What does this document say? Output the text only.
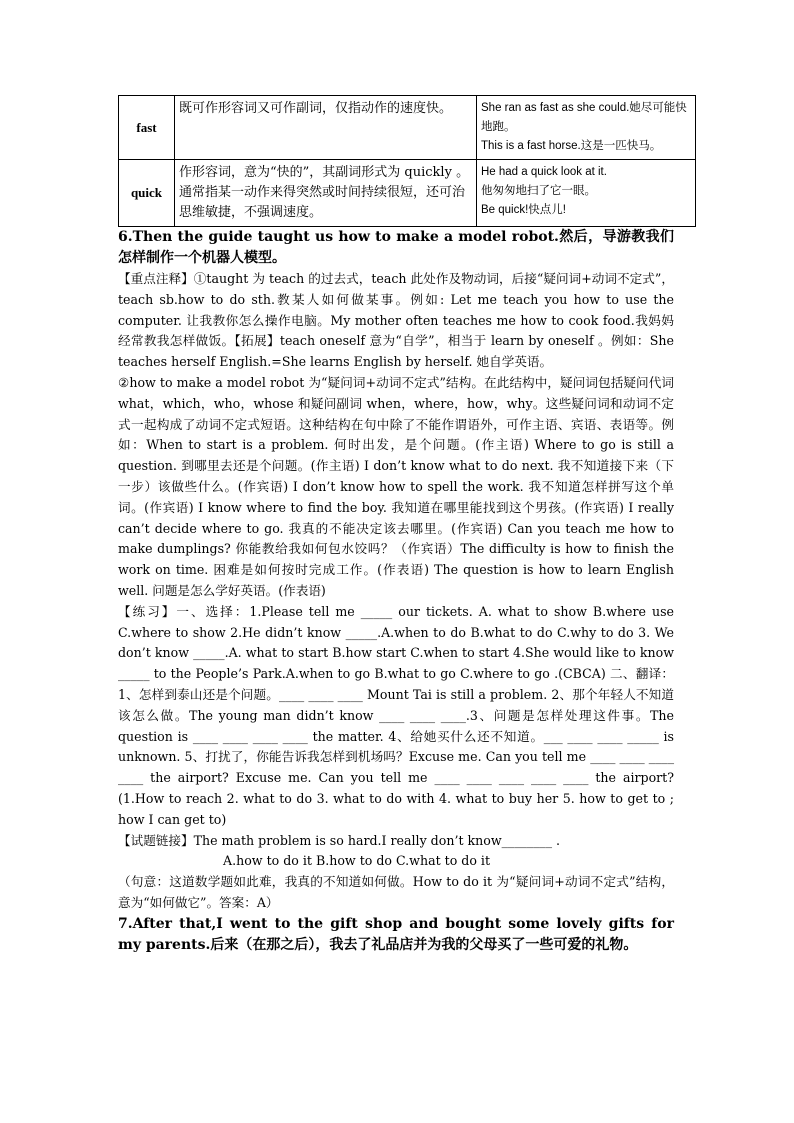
fast	既可作形容词又可作副词，仅指动作的速度快。	She ran as fast as she could.她尽可能快地跑。
This is a fast horse.这是一匹快马。

quick	作形容词，意为“快的”，其副词形式为 quickly 。通常指某一动作来得突然或时间持续很短，还可治思维敏捷，不强调速度。	He had a quick look at it.
他匆匆地扫了它一眼。
Be quick!快点儿!

6.Then the guide taught us how to make a model robot.然后，导游教我们怎样制作一个机器人模型。

【重点注释】①taught 为 teach 的过去式，teach 此处作及物动词，后接“疑问词+动词不定式”，teach sb.how to do sth.教某人如何做某事。例如: Let me teach you how to use the computer. 让我教你怎么操作电脑。My mother often teaches me how to cook food.我妈妈经常教我怎样做饭。【拓展】teach oneself 意为“自学”，相当于 learn by oneself 。例如：She teaches herself English.=She learns English by herself. 她自学英语。

②how to make a model robot 为“疑问词+动词不定式”结构。在此结构中，疑问词包括疑问代词 what，which，who，whose 和疑问副词 when，where，how，why。这些疑问词和动词不定式一起构成了动词不定式短语。这种结构在句中除了不能作谓语外，可作主语、宾语、表语等。例如：When to start is a problem. 何时出发，是个问题。(作主语) Where to go is still a question. 到哪里去还是个问题。(作主语) I don’t know what to do next. 我不知道接下来（下一步）该做些什么。(作宾语) I don’t know how to spell the work. 我不知道怎样拼写这个单词。(作宾语) I know where to find the boy. 我知道在哪里能找到这个男孩。(作宾语) I really can’t decide where to go. 我真的不能决定该去哪里。(作宾语) Can you teach me how to make dumplings? 你能教给我如何包水饺吗？（作宾语）The difficulty is how to finish the work on time. 困难是如何按时完成工作。(作表语) The question is how to learn English well. 问题是怎么学好英语。(作表语)

【练习】一、选择：1.Please tell me _____ our tickets. A. what to show B.where use C.where to show 2.He didn’t know _____.A.when to do B.what to do C.why to do 3. We don’t know _____.A. what to start B.how start C.when to start 4.She would like to know _____ to the People’s Park.A.when to go B.what to go C.where to go .(CBCA) 二、翻译：1、怎样到泰山还是个问题。____ ____ ____ Mount Tai is still a problem. 2、那个年轻人不知道该怎么做。The young man didn’t know ____ ____ ____.3、问题是怎样处理这件事。The question is ____ ____ ____ ____ the matter. 4、给她买什么还不知道。___ ____ ____ _____ is unknown. 5、打扰了，你能告诉我怎样到机场吗？Excuse me. Can you tell me ____ ____ ____ ____ the airport? Excuse me. Can you tell me ____ ____ ____ ____ ____ the airport? (1.How to reach 2. what to do 3. what to do with 4. what to buy her 5. how to get to ; how I can get to)

【试题链接】The math problem is so hard.I really don’t know________ .

A.how to do it B.how to do C.what to do it

（句意：这道数学题如此难，我真的不知道如何做。How to do it 为“疑问词+动词不定式”结构，意为“如何做它”。答案：A）

7.After that,I went to the gift shop and bought some lovely gifts for my parents.后来（在那之后），我去了礼品店并为我的父母买了一些可爱的礼物。
